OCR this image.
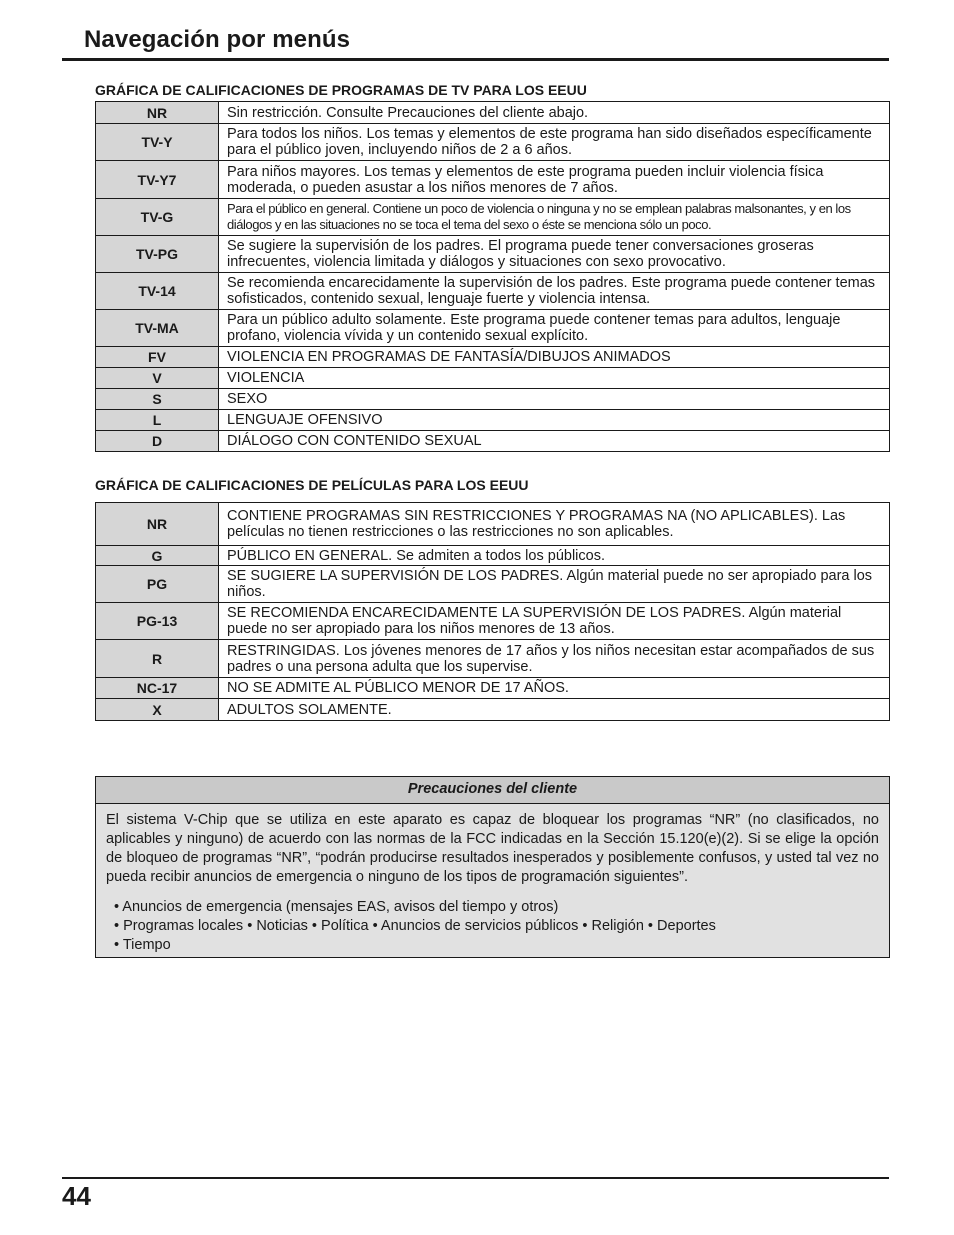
Navegación por menús
GRÁFICA DE CALIFICACIONES DE PROGRAMAS DE TV PARA LOS EEUU
NR	Sin restricción. Consulte Precauciones del cliente abajo.
TV-Y	Para todos los niños. Los temas y elementos de este programa han sido diseñados específicamente para el público joven, incluyendo niños de 2 a 6 años.
TV-Y7	Para niños mayores. Los temas y elementos de este programa pueden incluir violencia física moderada, o pueden asustar a los niños menores de 7 años.
TV-G	Para el público en general. Contiene un poco de violencia o ninguna y no se emplean palabras malsonantes, y en los diálogos y en las situaciones no se toca el tema del sexo o éste se menciona sólo un poco.
TV-PG	Se sugiere la supervisión de los padres. El programa puede tener conversaciones groseras infrecuentes, violencia limitada y diálogos y situaciones con sexo provocativo.
TV-14	Se recomienda encarecidamente la supervisión de los padres. Este programa puede contener temas sofisticados, contenido sexual, lenguaje fuerte y violencia intensa.
TV-MA	Para un público adulto solamente. Este programa puede contener temas para adultos, lenguaje profano, violencia vívida y un contenido sexual explícito.
FV	VIOLENCIA EN PROGRAMAS DE FANTASÍA/DIBUJOS ANIMADOS
V	VIOLENCIA
S	SEXO
L	LENGUAJE OFENSIVO
D	DIÁLOGO CON CONTENIDO SEXUAL
GRÁFICA DE CALIFICACIONES DE PELÍCULAS PARA LOS EEUU
NR	CONTIENE PROGRAMAS SIN RESTRICCIONES Y PROGRAMAS NA (NO APLICABLES). Las películas no tienen restricciones o las restricciones no son aplicables.
G	PÚBLICO EN GENERAL. Se admiten a todos los públicos.
PG	SE SUGIERE LA SUPERVISIÓN DE LOS PADRES. Algún material puede no ser apropiado para los niños.
PG-13	SE RECOMIENDA ENCARECIDAMENTE LA SUPERVISIÓN DE LOS PADRES. Algún material puede no ser apropiado para los niños menores de 13 años.
R	RESTRINGIDAS. Los jóvenes menores de 17 años y los niños necesitan estar acompañados de sus padres o una persona adulta que los supervise.
NC-17	NO SE ADMITE AL PÚBLICO MENOR DE 17 AÑOS.
X	ADULTOS SOLAMENTE.
Precauciones del cliente
El sistema V-Chip que se utiliza en este aparato es capaz de bloquear los programas “NR” (no clasificados, no aplicables y ninguno) de acuerdo con las normas de la FCC indicadas en la Sección 15.120(e)(2). Si se elige la opción de bloqueo de programas “NR”, “podrán producirse resultados inesperados y posiblemente confusos, y usted tal vez no pueda recibir anuncios de emergencia o ninguno de los tipos de programación siguientes”.
• Anuncios de emergencia (mensajes EAS, avisos del tiempo y otros)
• Programas locales • Noticias • Política • Anuncios de servicios públicos • Religión • Deportes
• Tiempo
44
